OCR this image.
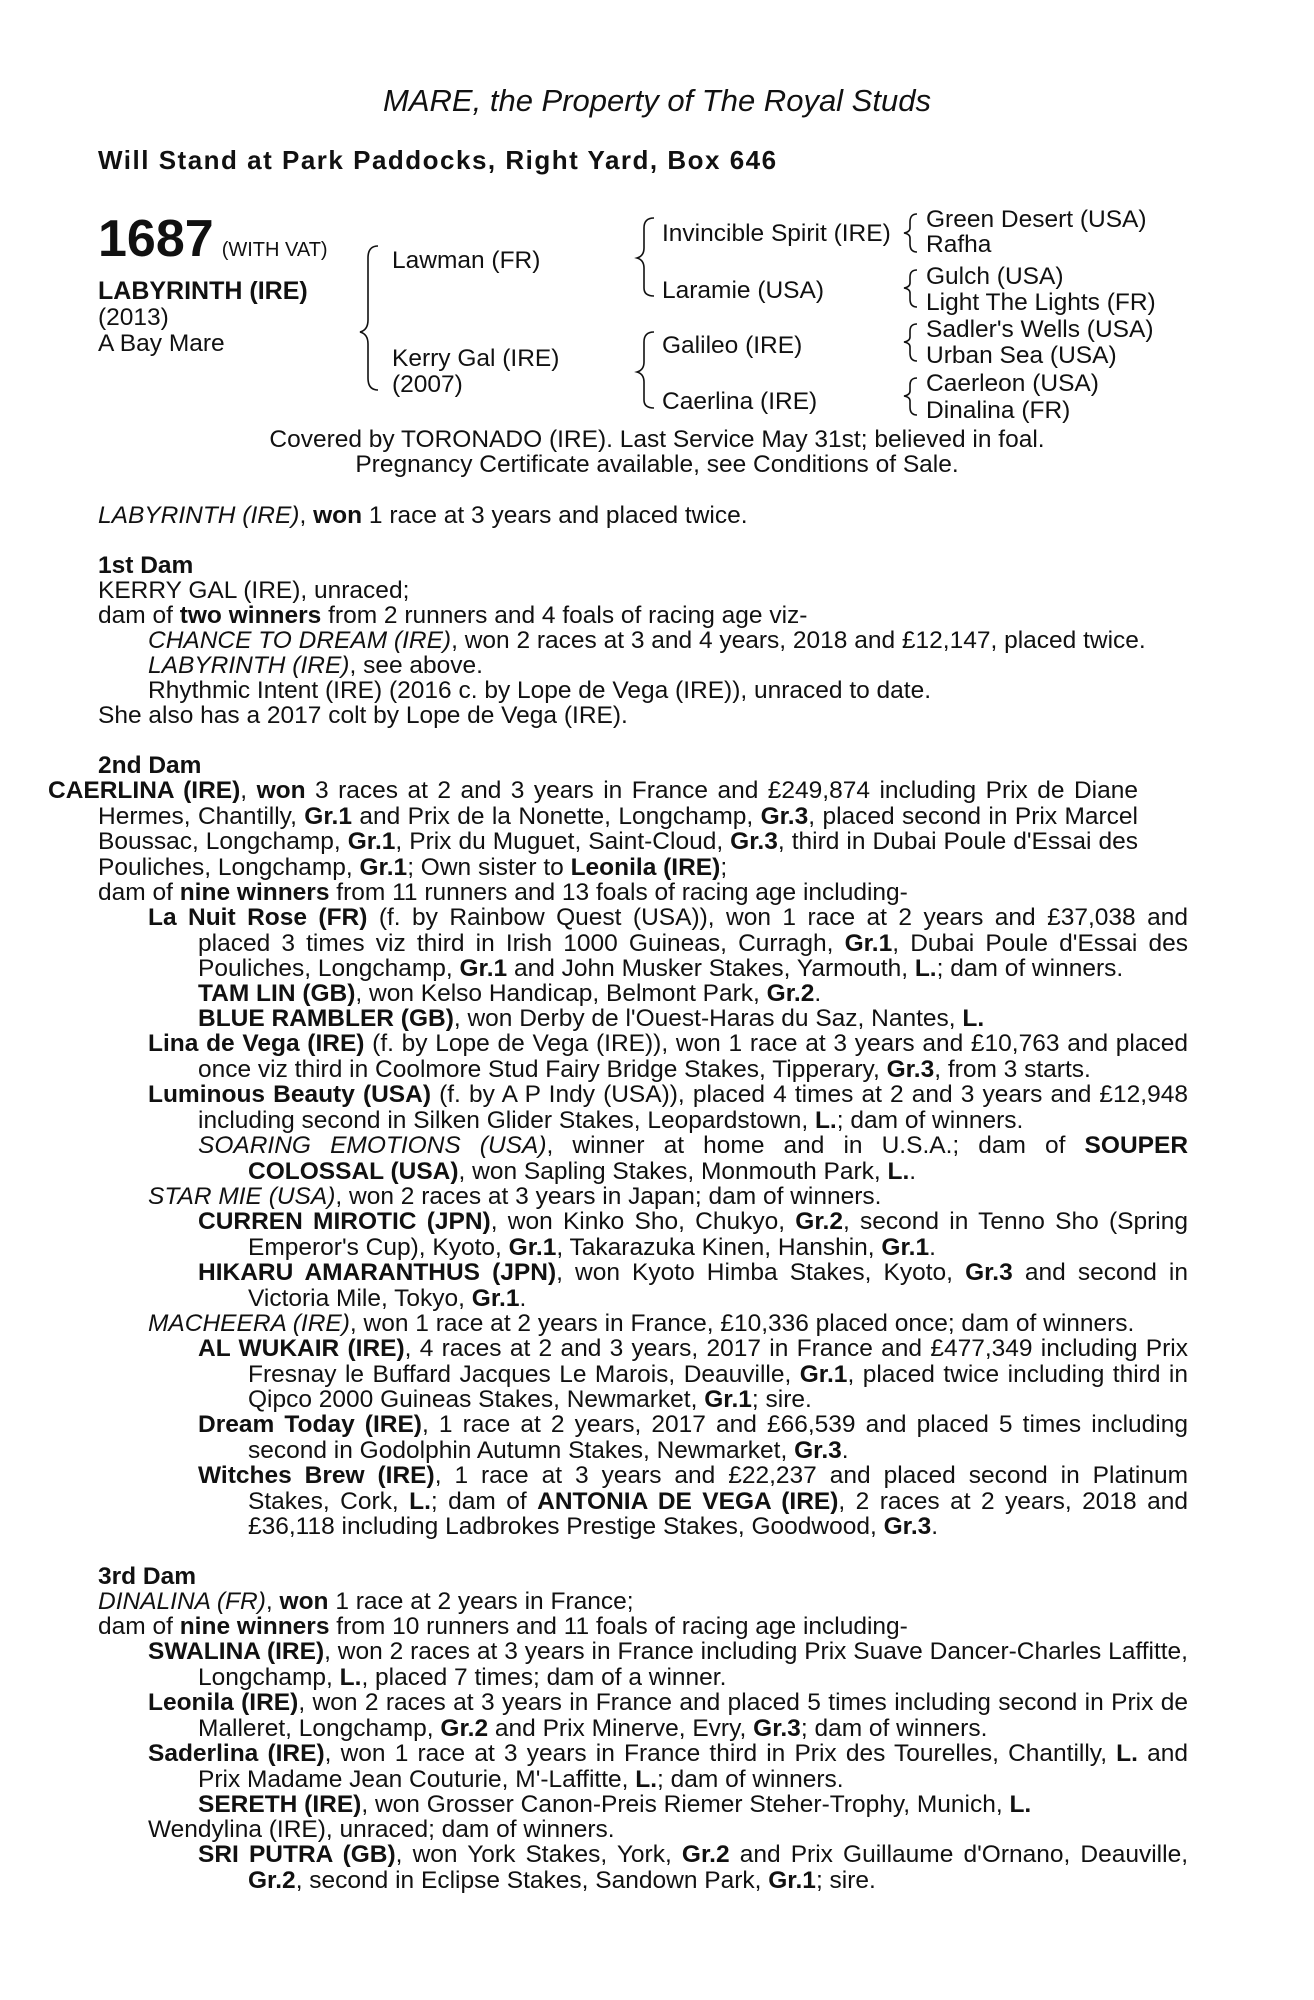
MARE, the Property of The Royal Studs
Will Stand at Park Paddocks, Right Yard, Box 646
1687 (WITH VAT)
LABYRINTH (IRE)
(2013)
A Bay Mare
Lawman (FR)
Kerry Gal (IRE)
(2007)
Invincible Spirit (IRE)
Laramie (USA)
Galileo (IRE)
Caerlina (IRE)
Green Desert (USA)
Rafha
Gulch (USA)
Light The Lights (FR)
Sadler's Wells (USA)
Urban Sea (USA)
Caerleon (USA)
Dinalina (FR)
Covered by TORONADO (IRE). Last Service May 31st; believed in foal.
Pregnancy Certificate available, see Conditions of Sale.
LABYRINTH (IRE), won 1 race at 3 years and placed twice.
1st Dam
KERRY GAL (IRE), unraced;
dam of two winners from 2 runners and 4 foals of racing age viz-
CHANCE TO DREAM (IRE), won 2 races at 3 and 4 years, 2018 and £12,147, placed twice.
LABYRINTH (IRE), see above.
Rhythmic Intent (IRE) (2016 c. by Lope de Vega (IRE)), unraced to date.
She also has a 2017 colt by Lope de Vega (IRE).
2nd Dam
CAERLINA (IRE), won 3 races at 2 and 3 years in France and £249,874 including Prix de Diane Hermes, Chantilly, Gr.1 and Prix de la Nonette, Longchamp, Gr.3, placed second in Prix Marcel Boussac, Longchamp, Gr.1, Prix du Muguet, Saint-Cloud, Gr.3, third in Dubai Poule d'Essai des Pouliches, Longchamp, Gr.1; Own sister to Leonila (IRE);
dam of nine winners from 11 runners and 13 foals of racing age including-
La Nuit Rose (FR) (f. by Rainbow Quest (USA)), won 1 race at 2 years and £37,038 and placed 3 times viz third in Irish 1000 Guineas, Curragh, Gr.1, Dubai Poule d'Essai des Pouliches, Longchamp, Gr.1 and John Musker Stakes, Yarmouth, L.; dam of winners.
TAM LIN (GB), won Kelso Handicap, Belmont Park, Gr.2.
BLUE RAMBLER (GB), won Derby de l'Ouest-Haras du Saz, Nantes, L.
Lina de Vega (IRE) (f. by Lope de Vega (IRE)), won 1 race at 3 years and £10,763 and placed once viz third in Coolmore Stud Fairy Bridge Stakes, Tipperary, Gr.3, from 3 starts.
Luminous Beauty (USA) (f. by A P Indy (USA)), placed 4 times at 2 and 3 years and £12,948 including second in Silken Glider Stakes, Leopardstown, L.; dam of winners.
SOARING EMOTIONS (USA), winner at home and in U.S.A.; dam of SOUPER COLOSSAL (USA), won Sapling Stakes, Monmouth Park, L..
STAR MIE (USA), won 2 races at 3 years in Japan; dam of winners.
CURREN MIROTIC (JPN), won Kinko Sho, Chukyo, Gr.2, second in Tenno Sho (Spring Emperor's Cup), Kyoto, Gr.1, Takarazuka Kinen, Hanshin, Gr.1.
HIKARU AMARANTHUS (JPN), won Kyoto Himba Stakes, Kyoto, Gr.3 and second in Victoria Mile, Tokyo, Gr.1.
MACHEERA (IRE), won 1 race at 2 years in France, £10,336 placed once; dam of winners.
AL WUKAIR (IRE), 4 races at 2 and 3 years, 2017 in France and £477,349 including Prix Fresnay le Buffard Jacques Le Marois, Deauville, Gr.1, placed twice including third in Qipco 2000 Guineas Stakes, Newmarket, Gr.1; sire.
Dream Today (IRE), 1 race at 2 years, 2017 and £66,539 and placed 5 times including second in Godolphin Autumn Stakes, Newmarket, Gr.3.
Witches Brew (IRE), 1 race at 3 years and £22,237 and placed second in Platinum Stakes, Cork, L.; dam of ANTONIA DE VEGA (IRE), 2 races at 2 years, 2018 and £36,118 including Ladbrokes Prestige Stakes, Goodwood, Gr.3.
3rd Dam
DINALINA (FR), won 1 race at 2 years in France;
dam of nine winners from 10 runners and 11 foals of racing age including-
SWALINA (IRE), won 2 races at 3 years in France including Prix Suave Dancer-Charles Laffitte, Longchamp, L., placed 7 times; dam of a winner.
Leonila (IRE), won 2 races at 3 years in France and placed 5 times including second in Prix de Malleret, Longchamp, Gr.2 and Prix Minerve, Evry, Gr.3; dam of winners.
Saderlina (IRE), won 1 race at 3 years in France third in Prix des Tourelles, Chantilly, L. and Prix Madame Jean Couturie, M'-Laffitte, L.; dam of winners.
SERETH (IRE), won Grosser Canon-Preis Riemer Steher-Trophy, Munich, L.
Wendylina (IRE), unraced; dam of winners.
SRI PUTRA (GB), won York Stakes, York, Gr.2 and Prix Guillaume d'Ornano, Deauville, Gr.2, second in Eclipse Stakes, Sandown Park, Gr.1; sire.
